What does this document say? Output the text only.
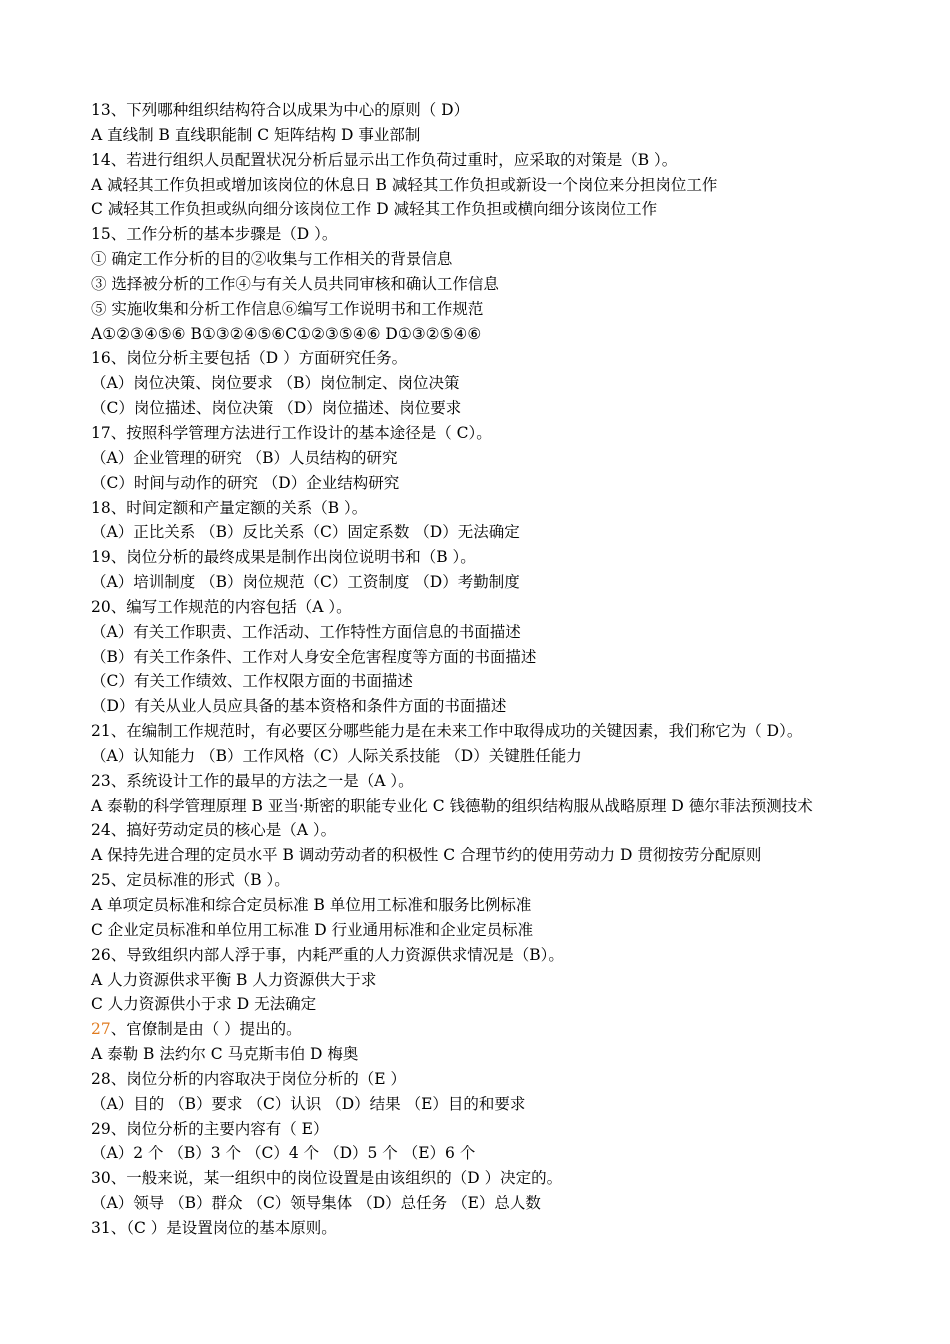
13、下列哪种组织结构符合以成果为中心的原则（ D）
A 直线制 B 直线职能制 C 矩阵结构 D 事业部制
14、若进行组织人员配置状况分析后显示出工作负荷过重时，应采取的对策是（B ）。
A 减轻其工作负担或增加该岗位的休息日 B 减轻其工作负担或新设一个岗位来分担岗位工作
C 减轻其工作负担或纵向细分该岗位工作 D 减轻其工作负担或横向细分该岗位工作
15、工作分析的基本步骤是（D ）。
① 确定工作分析的目的②收集与工作相关的背景信息
③ 选择被分析的工作④与有关人员共同审核和确认工作信息
⑤ 实施收集和分析工作信息⑥编写工作说明书和工作规范
A①②③④⑤⑥ B①③②④⑤⑥C①②③⑤④⑥ D①③②⑤④⑥
16、岗位分析主要包括（D ）方面研究任务。
（A）岗位决策、岗位要求 （B）岗位制定、岗位决策
（C）岗位描述、岗位决策 （D）岗位描述、岗位要求
17、按照科学管理方法进行工作设计的基本途径是（ C）。
（A）企业管理的研究 （B）人员结构的研究
（C）时间与动作的研究 （D）企业结构研究
18、时间定额和产量定额的关系（B ）。
（A）正比关系 （B）反比关系（C）固定系数 （D）无法确定
19、岗位分析的最终成果是制作出岗位说明书和（B ）。
（A）培训制度 （B）岗位规范（C）工资制度 （D）考勤制度
20、编写工作规范的内容包括（A ）。
（A）有关工作职责、工作活动、工作特性方面信息的书面描述
（B）有关工作条件、工作对人身安全危害程度等方面的书面描述
（C）有关工作绩效、工作权限方面的书面描述
（D）有关从业人员应具备的基本资格和条件方面的书面描述
21、在编制工作规范时，有必要区分哪些能力是在未来工作中取得成功的关键因素，我们称它为（ D）。
（A）认知能力 （B）工作风格（C）人际关系技能 （D）关键胜任能力
23、系统设计工作的最早的方法之一是（A ）。
A 泰勒的科学管理原理 B 亚当·斯密的职能专业化 C 钱德勒的组织结构服从战略原理 D 德尔菲法预测技术
24、搞好劳动定员的核心是（A ）。
A 保持先进合理的定员水平 B 调动劳动者的积极性 C 合理节约的使用劳动力 D 贯彻按劳分配原则
25、定员标准的形式（B ）。
A 单项定员标准和综合定员标准 B 单位用工标准和服务比例标准
C 企业定员标准和单位用工标准 D 行业通用标准和企业定员标准
26、导致组织内部人浮于事，内耗严重的人力资源供求情况是（B）。
A 人力资源供求平衡 B 人力资源供大于求
C 人力资源供小于求 D 无法确定
27、官僚制是由（ ）提出的。
A 泰勒 B 法约尔 C 马克斯韦伯 D 梅奥
28、岗位分析的内容取决于岗位分析的（E ）
（A）目的 （B）要求 （C）认识 （D）结果 （E）目的和要求
29、岗位分析的主要内容有（ E）
（A）2 个 （B）3 个 （C）4 个 （D）5 个 （E）6 个
30、一般来说，某一组织中的岗位设置是由该组织的（D ）决定的。
（A）领导 （B）群众 （C）领导集体 （D）总任务 （E）总人数
31、（C ）是设置岗位的基本原则。
